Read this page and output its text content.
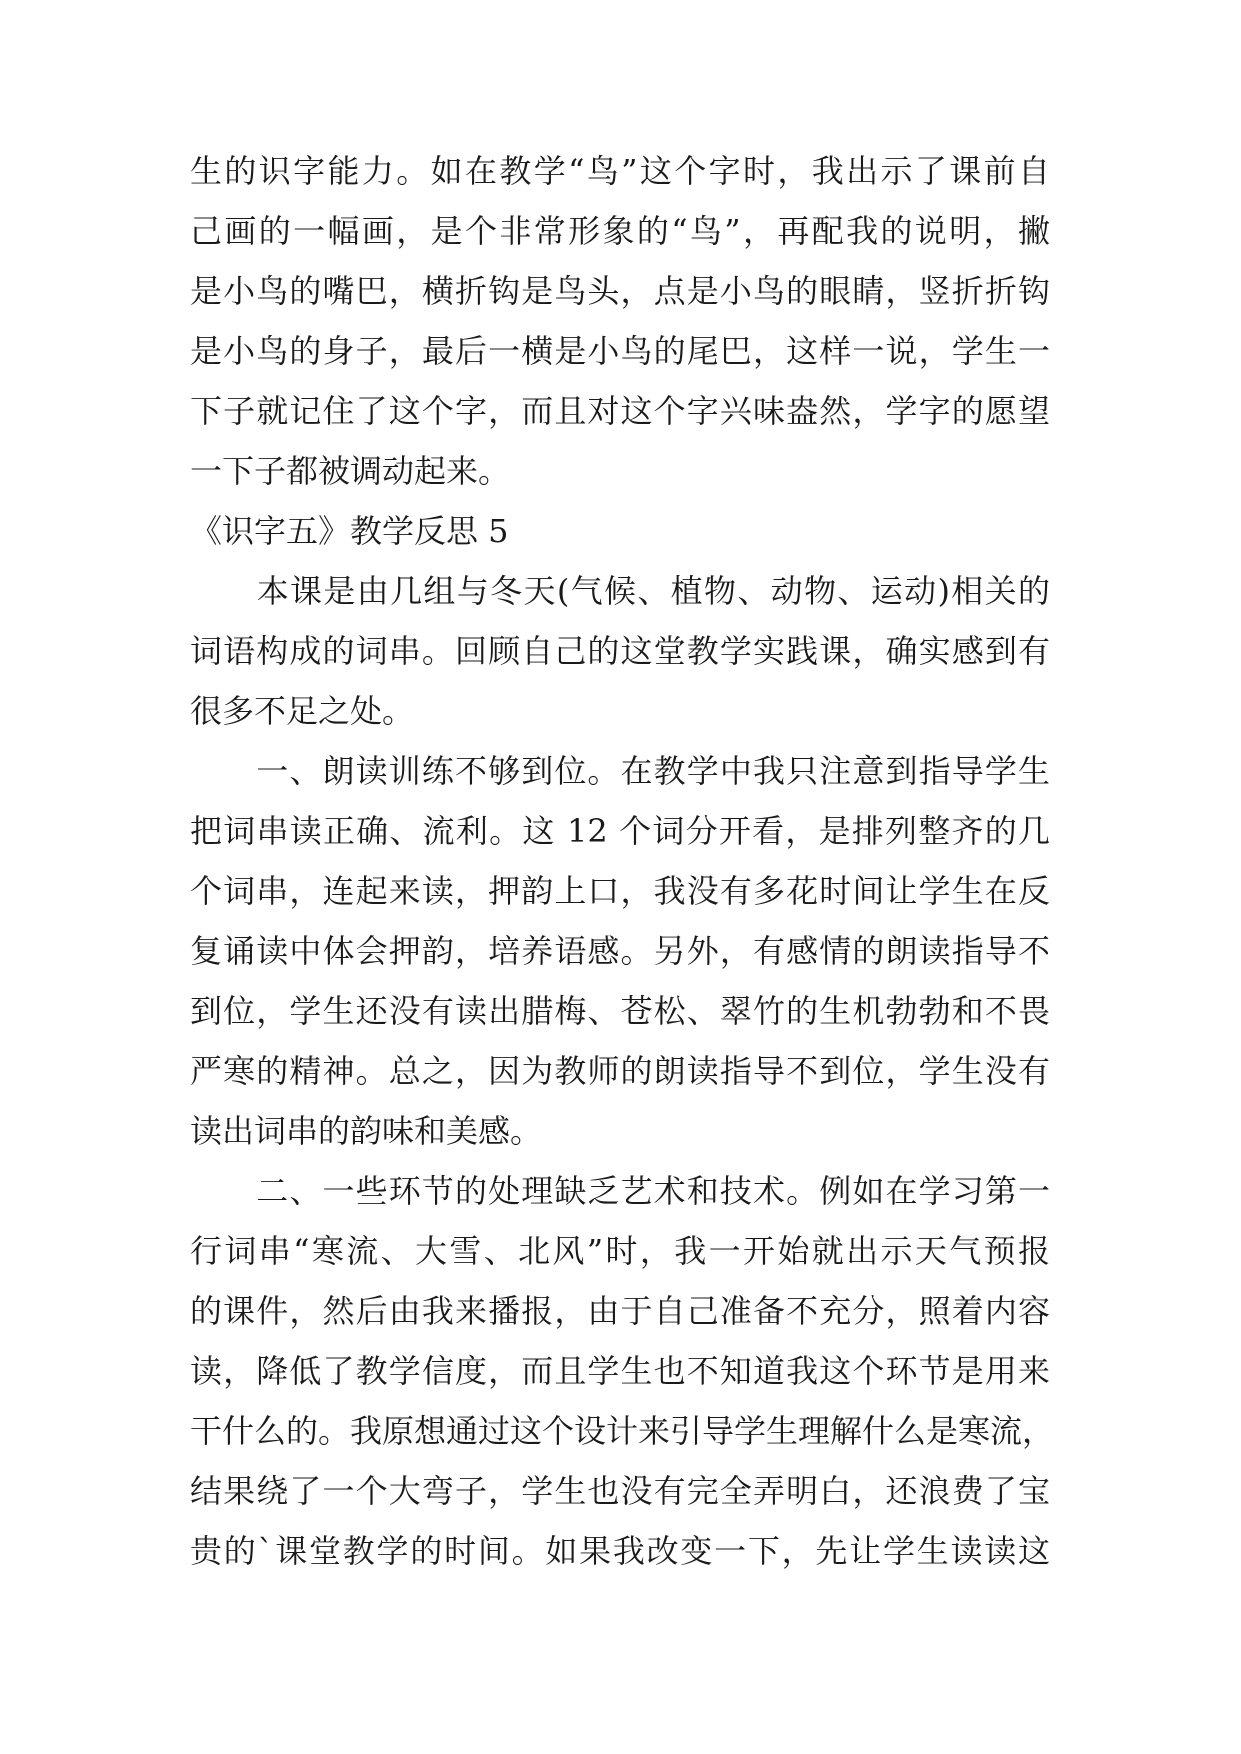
生的识字能力。如在教学“鸟”这个字时，我出示了课前自
己画的一幅画，是个非常形象的“鸟”，再配我的说明，撇
是小鸟的嘴巴，横折钩是鸟头，点是小鸟的眼睛，竖折折钩
是小鸟的身子，最后一横是小鸟的尾巴，这样一说，学生一
下子就记住了这个字，而且对这个字兴味盎然，学字的愿望
一下子都被调动起来。
《识字五》教学反思 5
　　本课是由几组与冬天(气候、植物、动物、运动)相关的
词语构成的词串。回顾自己的这堂教学实践课，确实感到有
很多不足之处。
　　一、朗读训练不够到位。在教学中我只注意到指导学生
把词串读正确、流利。这 12 个词分开看，是排列整齐的几
个词串，连起来读，押韵上口，我没有多花时间让学生在反
复诵读中体会押韵，培养语感。另外，有感情的朗读指导不
到位，学生还没有读出腊梅、苍松、翠竹的生机勃勃和不畏
严寒的精神。总之，因为教师的朗读指导不到位，学生没有
读出词串的韵味和美感。
　　二、一些环节的处理缺乏艺术和技术。例如在学习第一
行词串“寒流、大雪、北风”时，我一开始就出示天气预报
的课件，然后由我来播报，由于自己准备不充分，照着内容
读，降低了教学信度，而且学生也不知道我这个环节是用来
干什么的。我原想通过这个设计来引导学生理解什么是寒流，
结果绕了一个大弯子，学生也没有完全弄明白，还浪费了宝
贵的`课堂教学的时间。如果我改变一下，先让学生读读这
